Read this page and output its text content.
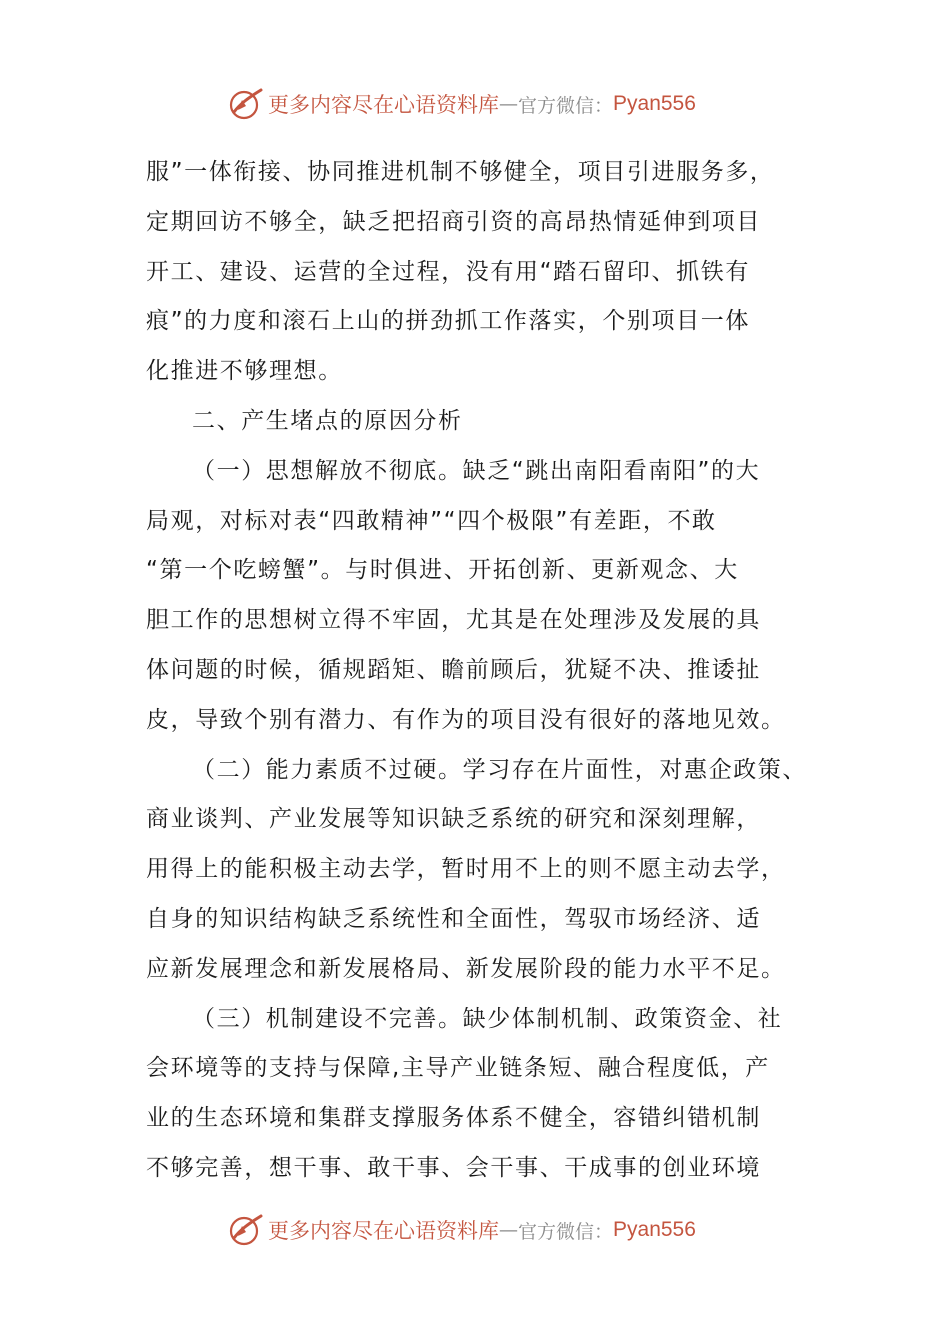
更多内容尽在心语资料库 — 官方微信： Pyan556
服”一体衔接、协同推进机制不够健全，项目引进服务多，
定期回访不够全，缺乏把招商引资的高昂热情延伸到项目
开工、建设、运营的全过程，没有用“踏石留印、抓铁有
痕”的力度和滚石上山的拼劲抓工作落实，个别项目一体
化推进不够理想。
二、产生堵点的原因分析
（一）思想解放不彻底。缺乏“跳出南阳看南阳”的大
局观，对标对表“四敢精神”“四个极限”有差距，不敢
“第一个吃螃蟹”。与时俱进、开拓创新、更新观念、大
胆工作的思想树立得不牢固，尤其是在处理涉及发展的具
体问题的时候，循规蹈矩、瞻前顾后，犹疑不决、推诿扯
皮，导致个别有潜力、有作为的项目没有很好的落地见效。
（二）能力素质不过硬。学习存在片面性，对惠企政策、
商业谈判、产业发展等知识缺乏系统的研究和深刻理解，
用得上的能积极主动去学，暂时用不上的则不愿主动去学，
自身的知识结构缺乏系统性和全面性，驾驭市场经济、适
应新发展理念和新发展格局、新发展阶段的能力水平不足。
（三）机制建设不完善。缺少体制机制、政策资金、社
会环境等的支持与保障,主导产业链条短、融合程度低，产
业的生态环境和集群支撑服务体系不健全，容错纠错机制
不够完善，想干事、敢干事、会干事、干成事的创业环境
更多内容尽在心语资料库 — 官方微信： Pyan556
